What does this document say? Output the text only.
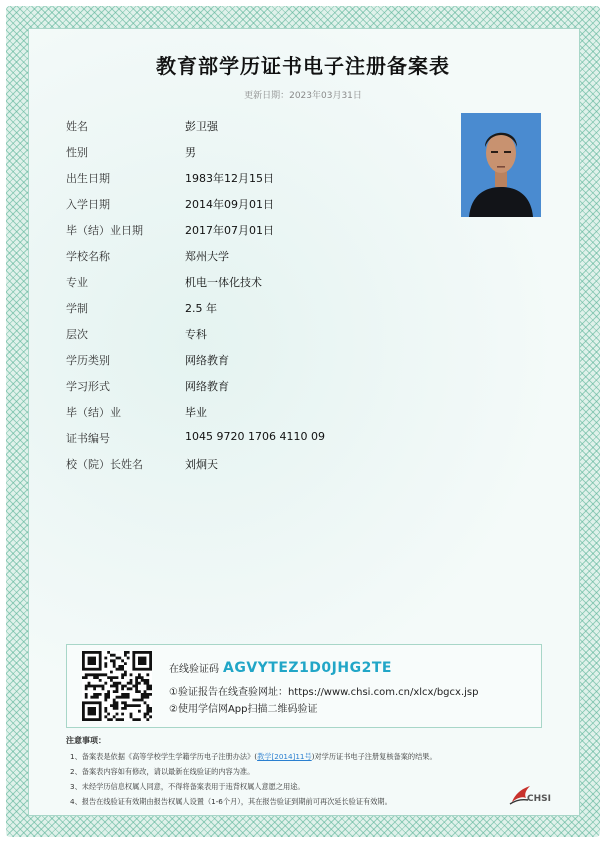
教育部学历证书电子注册备案表
更新日期：2023年03月31日
姓名	彭卫强
性别	男
出生日期	1983年12月15日
入学日期	2014年09月01日
毕（结）业日期	2017年07月01日
学校名称	郑州大学
专业	机电一体化技术
学制	2.5 年
层次	专科
学历类别	网络教育
学习形式	网络教育
毕（结）业	毕业
证书编号	1045 9720 1706 4110 09
校（院）长姓名	刘炯天
在线验证码 AGVYTEZ1D0JHG2TE
①验证报告在线查验网址：https://www.chsi.com.cn/xlcx/bgcx.jsp
②使用学信网App扫描二维码验证
注意事项：
1、备案表是依据《高等学校学生学籍学历电子注册办法》(教学[2014]11号)对学历证书电子注册复核备案的结果。
2、备案表内容如有修改，请以最新在线验证的内容为准。
3、未经学历信息权属人同意，不得将备案表用于违背权属人意愿之用途。
4、报告在线验证有效期由报告权属人设置（1-6个月），其在报告验证到期前可再次延长验证有效期。	CHSI
